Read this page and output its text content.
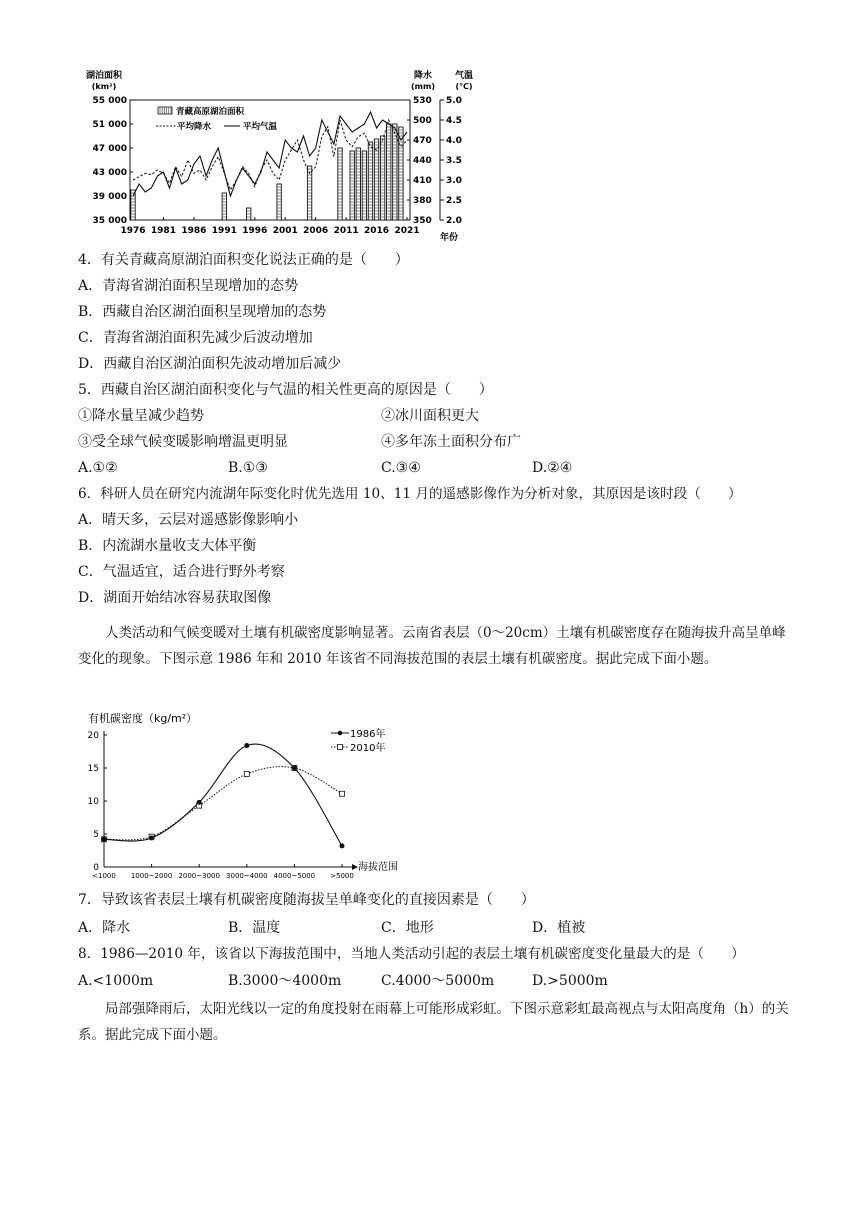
55 000
51 000
47 000
43 000
39 000
35 000
530
500
470
440
410
380
350
5.0
4.5
4.0
3.5
3.0
2.5
2.0
1976 1981 1986 1991 1996 2001 2006 2011 2016 2021
湖泊面积
(km²)
降水
(mm)
气温
(℃)
年份
青藏高原湖泊面积
平均降水	平均气温
4．有关青藏高原湖泊面积变化说法正确的是（　　）
A．青海省湖泊面积呈现增加的态势
B．西藏自治区湖泊面积呈现增加的态势
C．青海省湖泊面积先减少后波动增加
D．西藏自治区湖泊面积先波动增加后减少
5．西藏自治区湖泊面积变化与气温的相关性更高的原因是（　　）
①降水量呈减少趋势	②冰川面积更大
③受全球气候变暖影响增温更明显	④多年冻土面积分布广
A.①②	B.①③	C.③④	D.②④
6．科研人员在研究内流湖年际变化时优先选用 10、11 月的遥感影像作为分析对象，其原因是该时段（　　）
A．晴天多，云层对遥感影像影响小
B．内流湖水量收支大体平衡
C．气温适宜，适合进行野外考察
D．湖面开始结冰容易获取图像
人类活动和气候变暖对土壤有机碳密度影响显著。云南省表层（0～20cm）土壤有机碳密度存在随海拔升高呈单峰变化的现象。下图示意 1986 年和 2010 年该省不同海拔范围的表层土壤有机碳密度。据此完成下面小题。
有机碳密度（kg/m²）
0
5
10
15
20
<1000 1000~2000 2000~3000 3000~4000 4000~5000 >5000
海拔范围
1986年
2010年
7．导致该省表层土壤有机碳密度随海拔呈单峰变化的直接因素是（　　）
A．降水	B．温度	C．地形	D．植被
8．1986—2010 年，该省以下海拔范围中，当地人类活动引起的表层土壤有机碳密度变化量最大的是（　　）
A.<1000m	B.3000～4000m	C.4000～5000m	D.>5000m
局部强降雨后，太阳光线以一定的角度投射在雨幕上可能形成彩虹。下图示意彩虹最高视点与太阳高度角（h）的关系。据此完成下面小题。
